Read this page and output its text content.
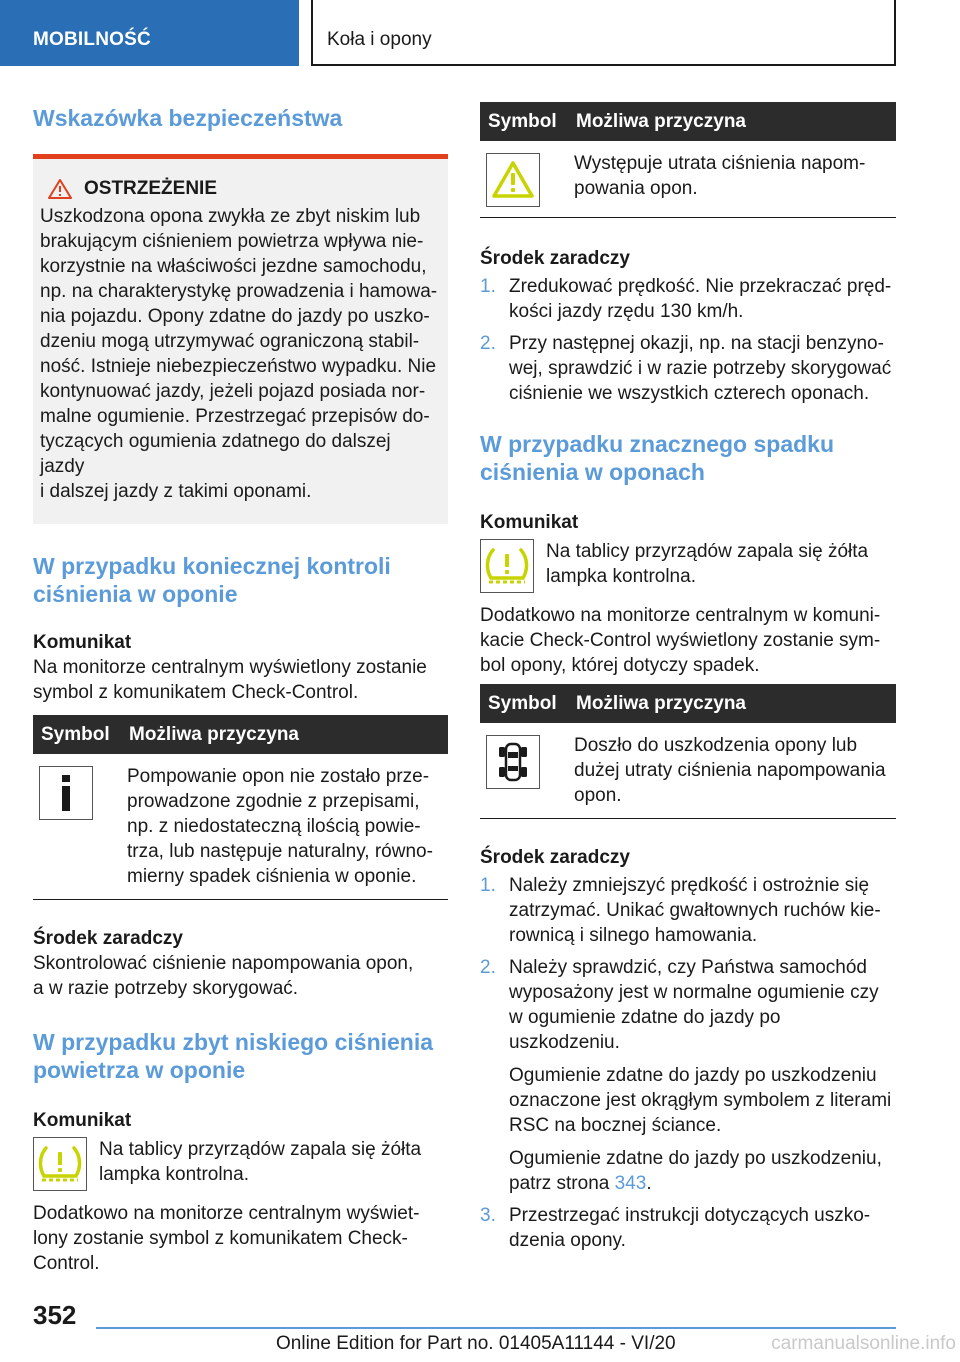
MOBILNOŚĆ	Koła i opony
Wskazówka bezpieczeństwa
OSTRZEŻENIE

Uszkodzona opona zwykła ze zbyt niskim lub
brakującym ciśnieniem powietrza wpływa nie-
korzystnie na właściwości jezdne samochodu,
np. na charakterystykę prowadzenia i hamowa-
nia pojazdu. Opony zdatne do jazdy po uszko-
dzeniu mogą utrzymywać ograniczoną stabil-
ność. Istnieje niebezpieczeństwo wypadku. Nie
kontynuować jazdy, jeżeli pojazd posiada nor-
malne ogumienie. Przestrzegać przepisów do-
tyczących ogumienia zdatnego do dalszej jazdy
i dalszej jazdy z takimi oponami.

W przypadku koniecznej kontroli
ciśnienia w oponie

Komunikat

Na monitorze centralnym wyświetlony zostanie
symbol z komunikatem Check-Control.

Symbol	Możliwa przyczyna

	Pompowanie opon nie zostało prze-
prowadzone zgodnie z przepisami,
np. z niedostateczną ilością powie-
trza, lub następuje naturalny, równo-
mierny spadek ciśnienia w oponie.

Środek zaradczy

Skontrolować ciśnienie napompowania opon,
a w razie potrzeby skorygować.

W przypadku zbyt niskiego ciśnienia
powietrza w oponie

Komunikat

Na tablicy przyrządów zapala się żółta
lampka kontrolna.

Dodatkowo na monitorze centralnym wyświet-
lony zostanie symbol z komunikatem Check-
Control.

Symbol	Możliwa przyczyna

	Występuje utrata ciśnienia napom-
powania opon.

Środek zaradczy

1. Zredukować prędkość. Nie przekraczać pręd-
kości jazdy rzędu 130 km/h.
2. Przy następnej okazji, np. na stacji benzyno-
wej, sprawdzić i w razie potrzeby skorygować
ciśnienie we wszystkich czterech oponach.
W przypadku znacznego spadku
ciśnienia w oponach

Komunikat

Na tablicy przyrządów zapala się żółta
lampka kontrolna.

Dodatkowo na monitorze centralnym w komuni-
kacie Check-Control wyświetlony zostanie sym-
bol opony, której dotyczy spadek.

Symbol	Możliwa przyczyna

	Doszło do uszkodzenia opony lub
dużej utraty ciśnienia napompowania
opon.

Środek zaradczy

1. Należy zmniejszyć prędkość i ostrożnie się
zatrzymać. Unikać gwałtownych ruchów kie-
rownicą i silnego hamowania.

2. Należy sprawdzić, czy Państwa samochód
wyposażony jest w normalne ogumienie czy
w ogumienie zdatne do jazdy po uszkodzeniu.

Ogumienie zdatne do jazdy po uszkodzeniu
oznaczone jest okrągłym symbolem z literami
RSC na bocznej ściance.

Ogumienie zdatne do jazdy po uszkodzeniu,
patrz strona 343.

3. Przestrzegać instrukcji dotyczących uszko-
dzenia opony.

352
Online Edition for Part no. 01405A11144 - VI/20	carmanualsonline.info
